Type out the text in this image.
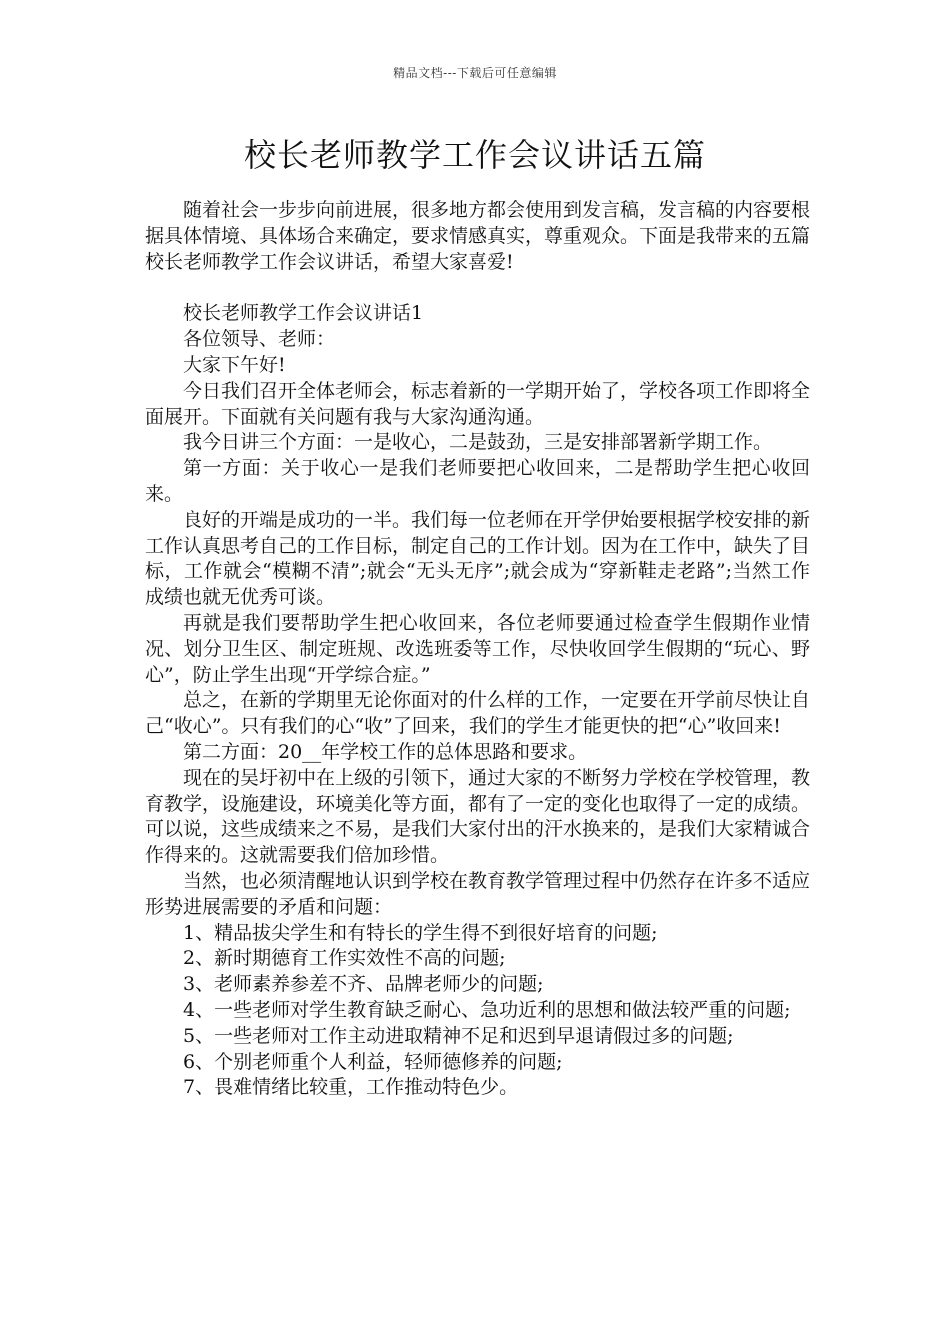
精品文档---下载后可任意编辑
校长老师教学工作会议讲话五篇

随着社会一步步向前进展，很多地方都会使用到发言稿，发言稿的内容要根据具体情境、具体场合来确定，要求情感真实，尊重观众。下面是我带来的五篇校长老师教学工作会议讲话，希望大家喜爱!

校长老师教学工作会议讲话1

各位领导、老师：

大家下午好!

今日我们召开全体老师会，标志着新的一学期开始了，学校各项工作即将全面展开。下面就有关问题有我与大家沟通沟通。

我今日讲三个方面：一是收心，二是鼓劲，三是安排部署新学期工作。

第一方面：关于收心一是我们老师要把心收回来，二是帮助学生把心收回来。

良好的开端是成功的一半。我们每一位老师在开学伊始要根据学校安排的新工作认真思考自己的工作目标，制定自己的工作计划。因为在工作中，缺失了目标，工作就会“模糊不清”;就会“无头无序”;就会成为“穿新鞋走老路”;当然工作成绩也就无优秀可谈。

再就是我们要帮助学生把心收回来，各位老师要通过检查学生假期作业情况、划分卫生区、制定班规、改选班委等工作，尽快收回学生假期的“玩心、野心”，防止学生出现“开学综合症。”

总之，在新的学期里无论你面对的什么样的工作，一定要在开学前尽快让自己“收心”。只有我们的心“收”了回来，我们的学生才能更快的把“心”收回来!

第二方面：20__年学校工作的总体思路和要求。

现在的吴圩初中在上级的引领下，通过大家的不断努力学校在学校管理，教育教学，设施建设，环境美化等方面，都有了一定的变化也取得了一定的成绩。可以说，这些成绩来之不易，是我们大家付出的汗水换来的，是我们大家精诚合作得来的。这就需要我们倍加珍惜。

当然，也必须清醒地认识到学校在教育教学管理过程中仍然存在许多不适应形势进展需要的矛盾和问题：

1、精品拔尖学生和有特长的学生得不到很好培育的问题;

2、新时期德育工作实效性不高的问题;

3、老师素养参差不齐、品牌老师少的问题;

4、一些老师对学生教育缺乏耐心、急功近利的思想和做法较严重的问题;

5、一些老师对工作主动进取精神不足和迟到早退请假过多的问题;

6、个别老师重个人利益，轻师德修养的问题;

7、畏难情绪比较重，工作推动特色少。
